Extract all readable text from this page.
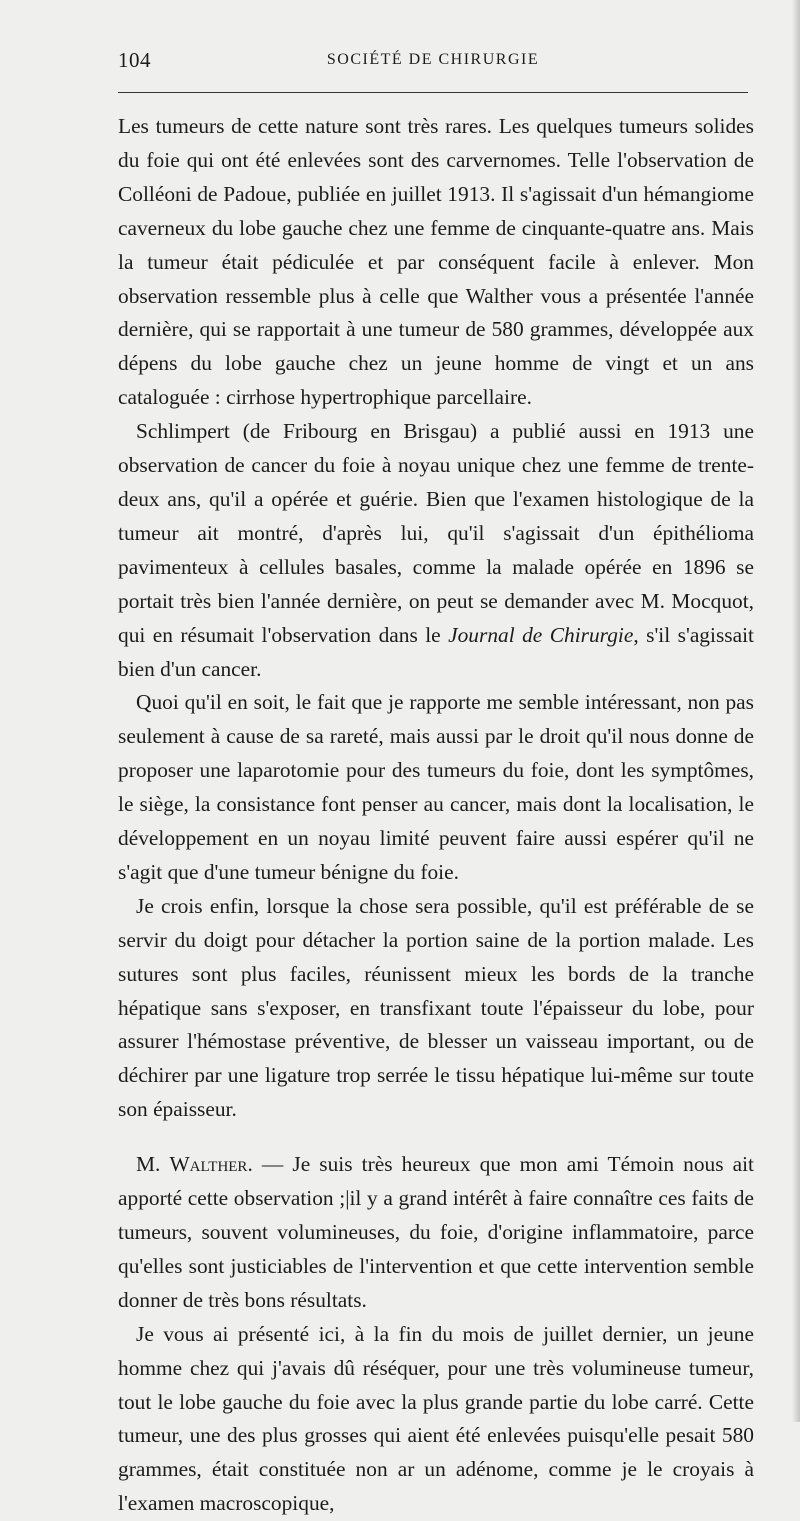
104	SOCIÉTÉ DE CHIRURGIE

Les tumeurs de cette nature sont très rares. Les quelques tumeurs solides du foie qui ont été enlevées sont des carvernomes. Telle l'observation de Colléoni de Padoue, publiée en juillet 1913. Il s'agissait d'un hémangiome caverneux du lobe gauche chez une femme de cinquante-quatre ans. Mais la tumeur était pédiculée et par conséquent facile à enlever. Mon observation ressemble plus à celle que Walther vous a présentée l'année dernière, qui se rapportait à une tumeur de 580 grammes, développée aux dépens du lobe gauche chez un jeune homme de vingt et un ans cataloguée : cirrhose hypertrophique parcellaire.

Schlimpert (de Fribourg en Brisgau) a publié aussi en 1913 une observation de cancer du foie à noyau unique chez une femme de trente-deux ans, qu'il a opérée et guérie. Bien que l'examen histologique de la tumeur ait montré, d'après lui, qu'il s'agissait d'un épithélioma pavimenteux à cellules basales, comme la malade opérée en 1896 se portait très bien l'année dernière, on peut se demander avec M. Mocquot, qui en résumait l'observation dans le Journal de Chirurgie, s'il s'agissait bien d'un cancer.

Quoi qu'il en soit, le fait que je rapporte me semble intéressant, non pas seulement à cause de sa rareté, mais aussi par le droit qu'il nous donne de proposer une laparotomie pour des tumeurs du foie, dont les symptômes, le siège, la consistance font penser au cancer, mais dont la localisation, le développement en un noyau limité peuvent faire aussi espérer qu'il ne s'agit que d'une tumeur bénigne du foie.

Je crois enfin, lorsque la chose sera possible, qu'il est préférable de se servir du doigt pour détacher la portion saine de la portion malade. Les sutures sont plus faciles, réunissent mieux les bords de la tranche hépatique sans s'exposer, en transfixant toute l'épaisseur du lobe, pour assurer l'hémostase préventive, de blesser un vaisseau important, ou de déchirer par une ligature trop serrée le tissu hépatique lui-même sur toute son épaisseur.

M. Walther. — Je suis très heureux que mon ami Témoin nous ait apporté cette observation ;|il y a grand intérêt à faire connaître ces faits de tumeurs, souvent volumineuses, du foie, d'origine inflammatoire, parce qu'elles sont justiciables de l'intervention et que cette intervention semble donner de très bons résultats.

Je vous ai présenté ici, à la fin du mois de juillet dernier, un jeune homme chez qui j'avais dû réséquer, pour une très volumineuse tumeur, tout le lobe gauche du foie avec la plus grande partie du lobe carré. Cette tumeur, une des plus grosses qui aient été enlevées puisqu'elle pesait 580 grammes, était constituée non ar un adénome, comme je le croyais à l'examen macroscopique,
